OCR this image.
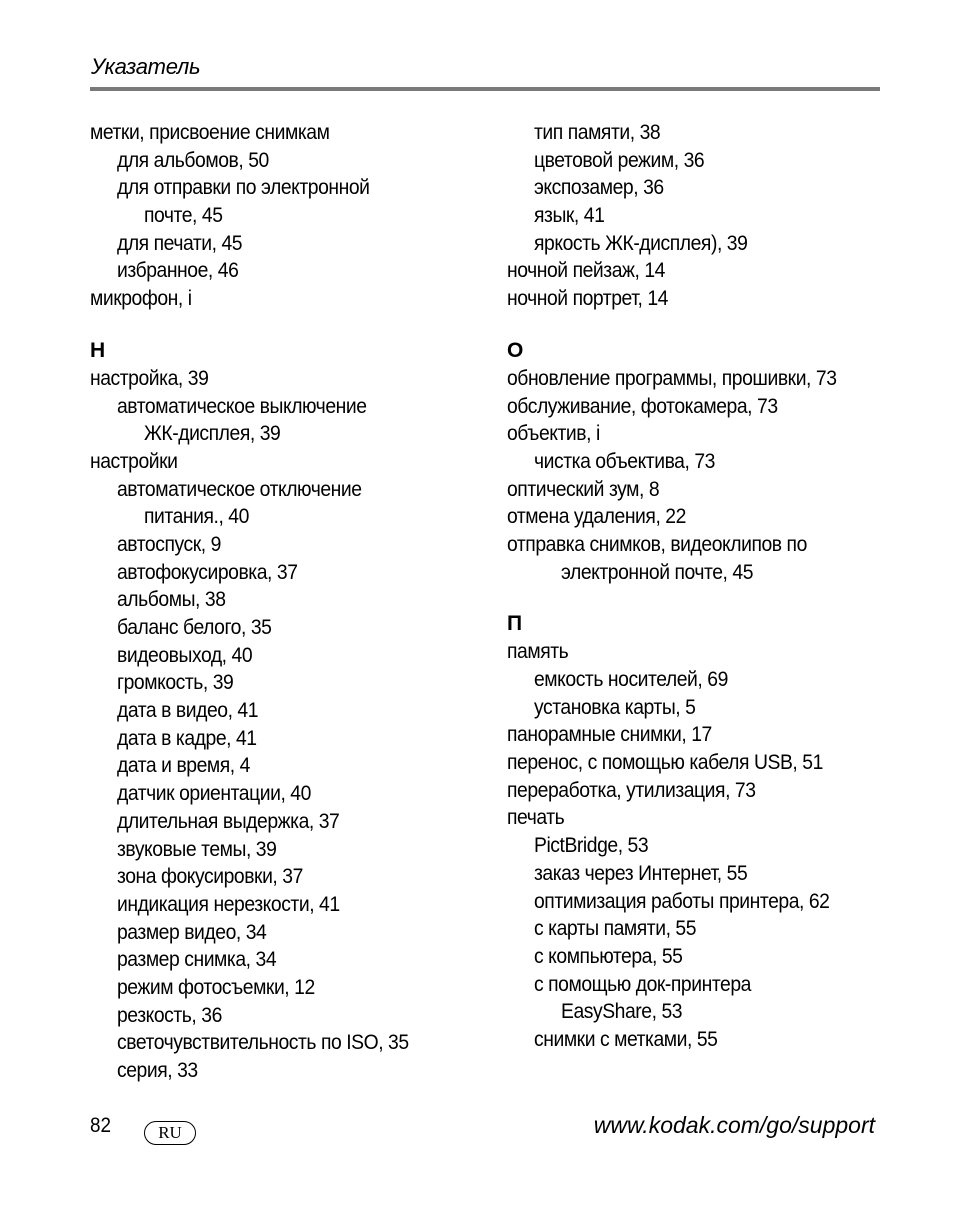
Указатель
метки, присвоение снимкам
для альбомов, 50
для отправки по электронной
почте, 45
для печати, 45
избранное, 46
микрофон, i
Н
настройка, 39
автоматическое выключение
ЖК-дисплея, 39
настройки
автоматическое отключение
питания., 40
автоспуск, 9
автофокусировка, 37
альбомы, 38
баланс белого, 35
видеовыход, 40
громкость, 39
дата в видео, 41
дата в кадре, 41
дата и время, 4
датчик ориентации, 40
длительная выдержка, 37
звуковые темы, 39
зона фокусировки, 37
индикация нерезкости, 41
размер видео, 34
размер снимка, 34
режим фотосъемки, 12
резкость, 36
светочувствительность по ISO, 35
серия, 33
тип памяти, 38
цветовой режим, 36
экспозамер, 36
язык, 41
яркость ЖК-дисплея), 39
ночной пейзаж, 14
ночной портрет, 14
О
обновление программы, прошивки, 73
обслуживание, фотокамера, 73
объектив, i
чистка объектива, 73
оптический зум, 8
отмена удаления, 22
отправка снимков, видеоклипов по
электронной почте, 45
П
память
емкость носителей, 69
установка карты, 5
панорамные снимки, 17
перенос, с помощью кабеля USB, 51
переработка, утилизация, 73
печать
PictBridge, 53
заказ через Интернет, 55
оптимизация работы принтера, 62
с карты памяти, 55
с компьютера, 55
с помощью док-принтера
EasyShare, 53
снимки с метками, 55
82	RU	www.kodak.com/go/support
